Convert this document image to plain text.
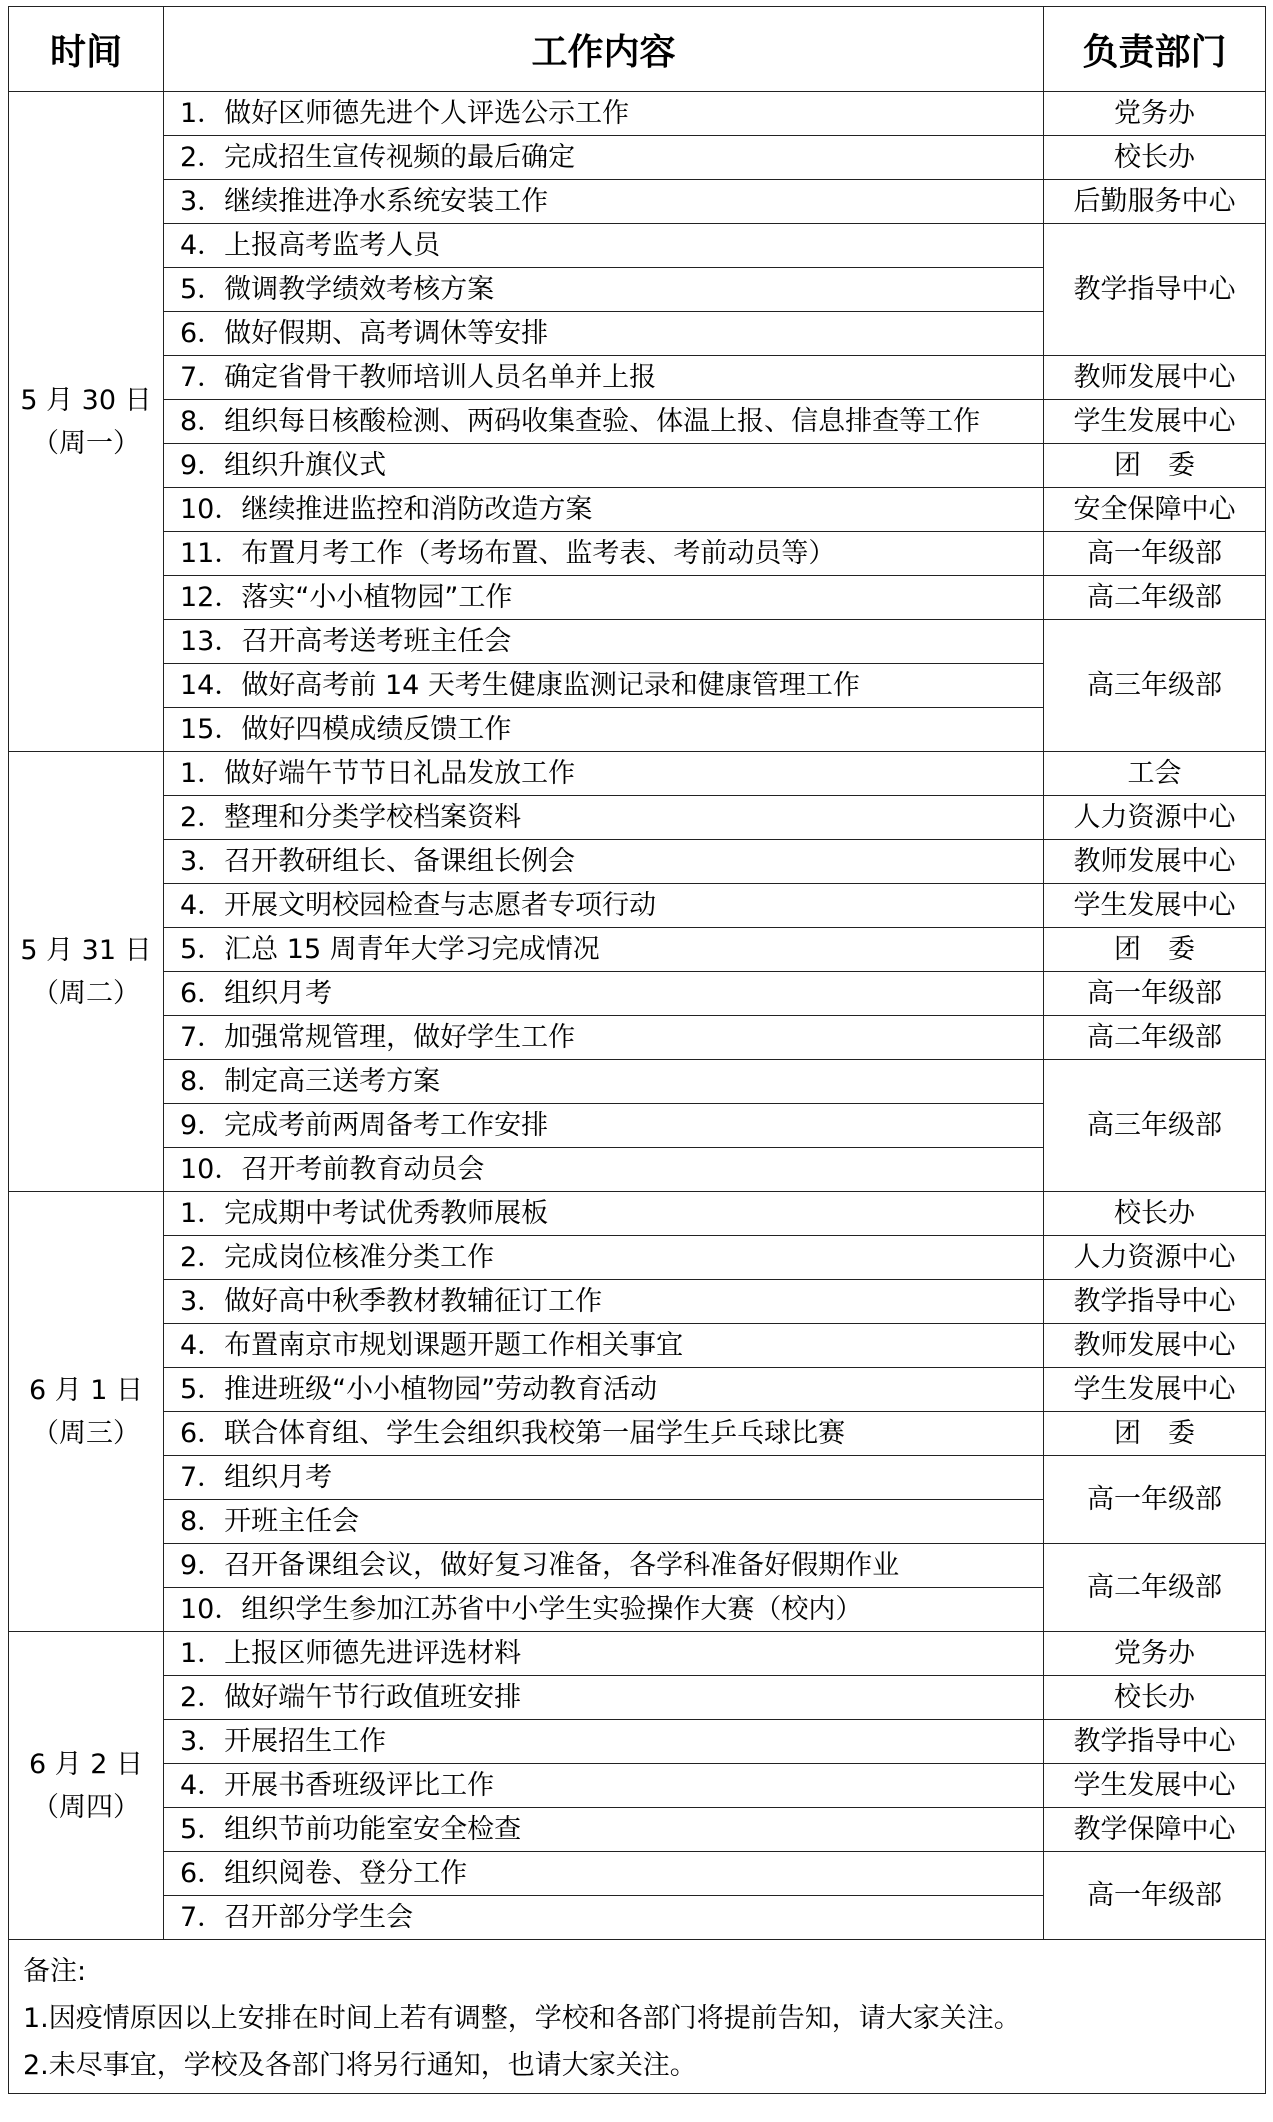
时间	工作内容	负责部门

5 月 30 日
（周一）	1．做好区师德先进个人评选公示工作	党务办
	2．完成招生宣传视频的最后确定	校长办
	3．继续推进净水系统安装工作	后勤服务中心
	4．上报高考监考人员	教学指导中心
	5．微调教学绩效考核方案	
	6．做好假期、高考调休等安排	
	7．确定省骨干教师培训人员名单并上报	教师发展中心
	8．组织每日核酸检测、两码收集查验、体温上报、信息排查等工作	学生发展中心
	9．组织升旗仪式	团　委
	10．继续推进监控和消防改造方案	安全保障中心
	11．布置月考工作（考场布置、监考表、考前动员等）	高一年级部
	12．落实“小小植物园”工作	高二年级部
	13．召开高考送考班主任会	高三年级部
	14．做好高考前 14 天考生健康监测记录和健康管理工作	
	15．做好四模成绩反馈工作	

5 月 31 日
（周二）	1．做好端午节节日礼品发放工作	工会
	2．整理和分类学校档案资料	人力资源中心
	3．召开教研组长、备课组长例会	教师发展中心
	4．开展文明校园检查与志愿者专项行动	学生发展中心
	5．汇总 15 周青年大学习完成情况	团　委
	6．组织月考	高一年级部
	7．加强常规管理，做好学生工作	高二年级部
	8．制定高三送考方案	高三年级部
	9．完成考前两周备考工作安排	
	10．召开考前教育动员会	

6 月 1 日
（周三）	1．完成期中考试优秀教师展板	校长办
	2．完成岗位核准分类工作	人力资源中心
	3．做好高中秋季教材教辅征订工作	教学指导中心
	4．布置南京市规划课题开题工作相关事宜	教师发展中心
	5．推进班级“小小植物园”劳动教育活动	学生发展中心
	6．联合体育组、学生会组织我校第一届学生乒乓球比赛	团　委
	7．组织月考	高一年级部
	8．开班主任会	
	9．召开备课组会议，做好复习准备，各学科准备好假期作业	高二年级部
	10．组织学生参加江苏省中小学生实验操作大赛（校内）	

6 月 2 日
（周四）	1．上报区师德先进评选材料	党务办
	2．做好端午节行政值班安排	校长办
	3．开展招生工作	教学指导中心
	4．开展书香班级评比工作	学生发展中心
	5．组织节前功能室安全检查	教学保障中心
	6．组织阅卷、登分工作	高一年级部
	7．召开部分学生会	

备注:
1.因疫情原因以上安排在时间上若有调整，学校和各部门将提前告知，请大家关注。
2.未尽事宜，学校及各部门将另行通知，也请大家关注。		
